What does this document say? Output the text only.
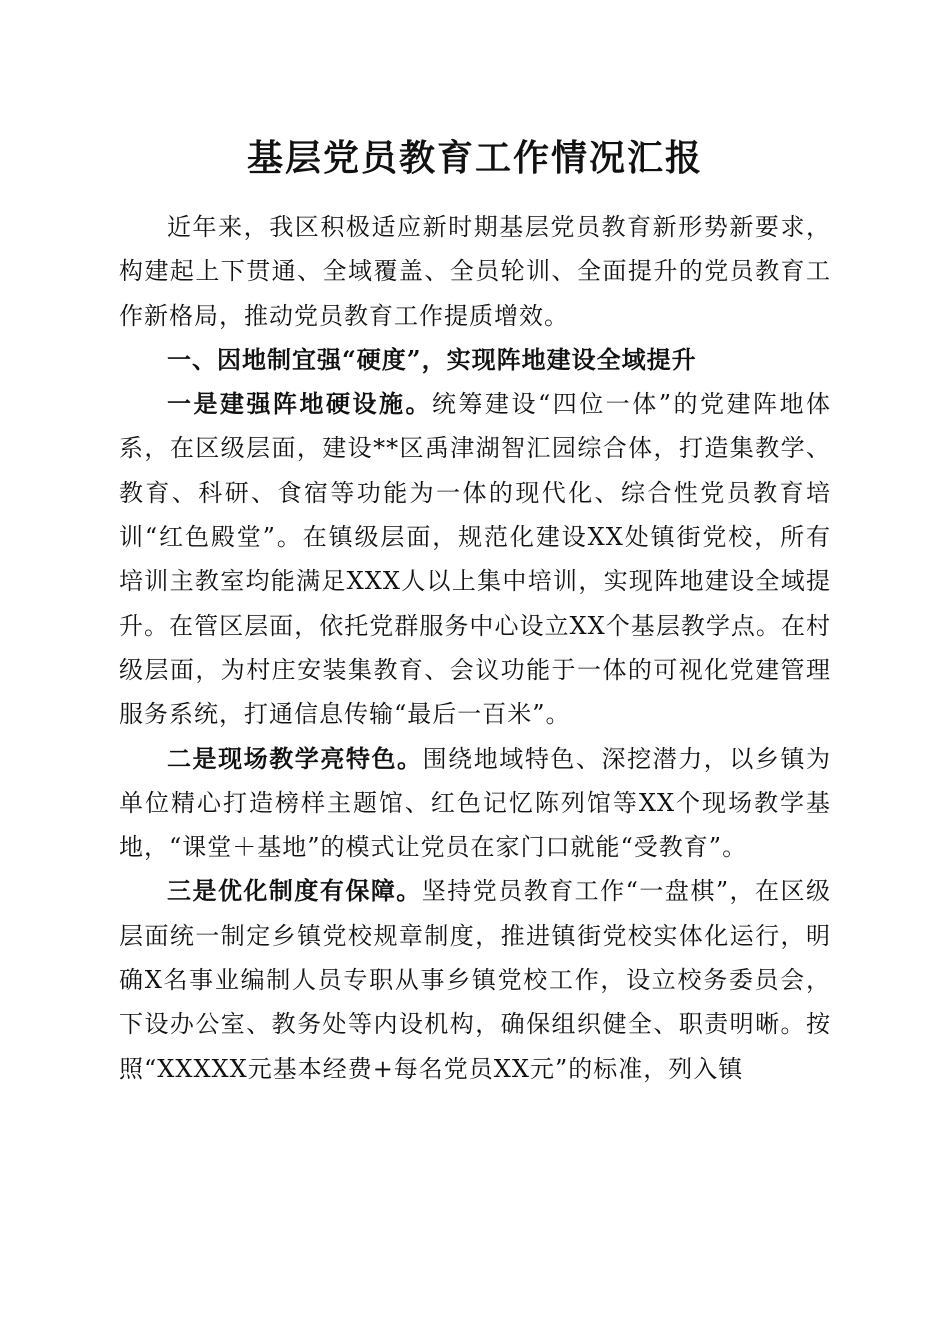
基层党员教育工作情况汇报

近年来，我区积极适应新时期基层党员教育新形势新要求，构建起上下贯通、全域覆盖、全员轮训、全面提升的党员教育工作新格局，推动党员教育工作提质增效。

一、因地制宜强“硬度”，实现阵地建设全域提升

一是建强阵地硬设施。统筹建设“四位一体”的党建阵地体系，在区级层面，建设**区禹津湖智汇园综合体，打造集教学、教育、科研、食宿等功能为一体的现代化、综合性党员教育培训“红色殿堂”。在镇级层面，规范化建设XX处镇街党校，所有培训主教室均能满足XXX人以上集中培训，实现阵地建设全域提升。在管区层面，依托党群服务中心设立XX个基层教学点。在村级层面，为村庄安装集教育、会议功能于一体的可视化党建管理服务系统，打通信息传输“最后一百米”。

二是现场教学亮特色。围绕地域特色、深挖潜力，以乡镇为单位精心打造榜样主题馆、红色记忆陈列馆等XX个现场教学基地，“课堂＋基地”的模式让党员在家门口就能“受教育”。

三是优化制度有保障。坚持党员教育工作“一盘棋”，在区级层面统一制定乡镇党校规章制度，推进镇街党校实体化运行，明确X名事业编制人员专职从事乡镇党校工作，设立校务委员会，下设办公室、教务处等内设机构，确保组织健全、职责明晰。按照“XXXXX元基本经费+每名党员XX元”的标准，列入镇
